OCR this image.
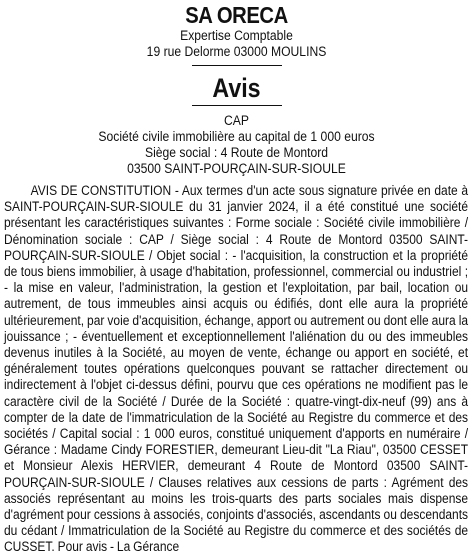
SA ORECA
Expertise Comptable
19 rue Delorme 03000 MOULINS
Avis
CAP
Société civile immobilière au capital de 1 000 euros
Siège social : 4 Route de Montord
03500 SAINT-POURÇAIN-SUR-SIOULE

AVIS DE CONSTITUTION - Aux termes d'un acte sous signature privée en date à SAINT-POURÇAIN-SUR-SIOULE du 31 janvier 2024, il a été constitué une société présentant les caractéristiques suivantes : Forme sociale : Société civile immobilière / Dénomination sociale : CAP / Siège social : 4 Route de Montord 03500 SAINT-POURÇAIN-SUR-SIOULE / Objet social : - l'acquisition, la construction et la propriété de tous biens immobilier, à usage d'habitation, professionnel, commercial ou industriel ; - la mise en valeur, l'administration, la gestion et l'exploitation, par bail, location ou autrement, de tous immeubles ainsi acquis ou édifiés, dont elle aura la propriété ultérieurement, par voie d'acquisition, échange, apport ou autrement ou dont elle aura la jouissance ; - éventuellement et exceptionnellement l'aliénation du ou des immeubles devenus inutiles à la Société, au moyen de vente, échange ou apport en société, et généralement toutes opérations quelconques pouvant se rattacher directement ou indirectement à l'objet ci-dessus défini, pourvu que ces opérations ne modifient pas le caractère civil de la Société / Durée de la Société : quatre-vingt-dix-neuf (99) ans à compter de la date de l'immatriculation de la Société au Registre du commerce et des sociétés / Capital social : 1 000 euros, constitué uniquement d'apports en numéraire / Gérance : Madame Cindy FORESTIER, demeurant Lieu-dit "La Riau", 03500 CESSET et Monsieur Alexis HERVIER, demeurant 4 Route de Montord 03500 SAINT-POURÇAIN-SUR-SIOULE / Clauses relatives aux cessions de parts : Agrément des associés représentant au moins les trois-quarts des parts sociales mais dispense d'agrément pour cessions à associés, conjoints d'associés, ascendants ou descendants du cédant / Immatriculation de la Société au Registre du commerce et des sociétés de CUSSET. Pour avis - La Gérance
